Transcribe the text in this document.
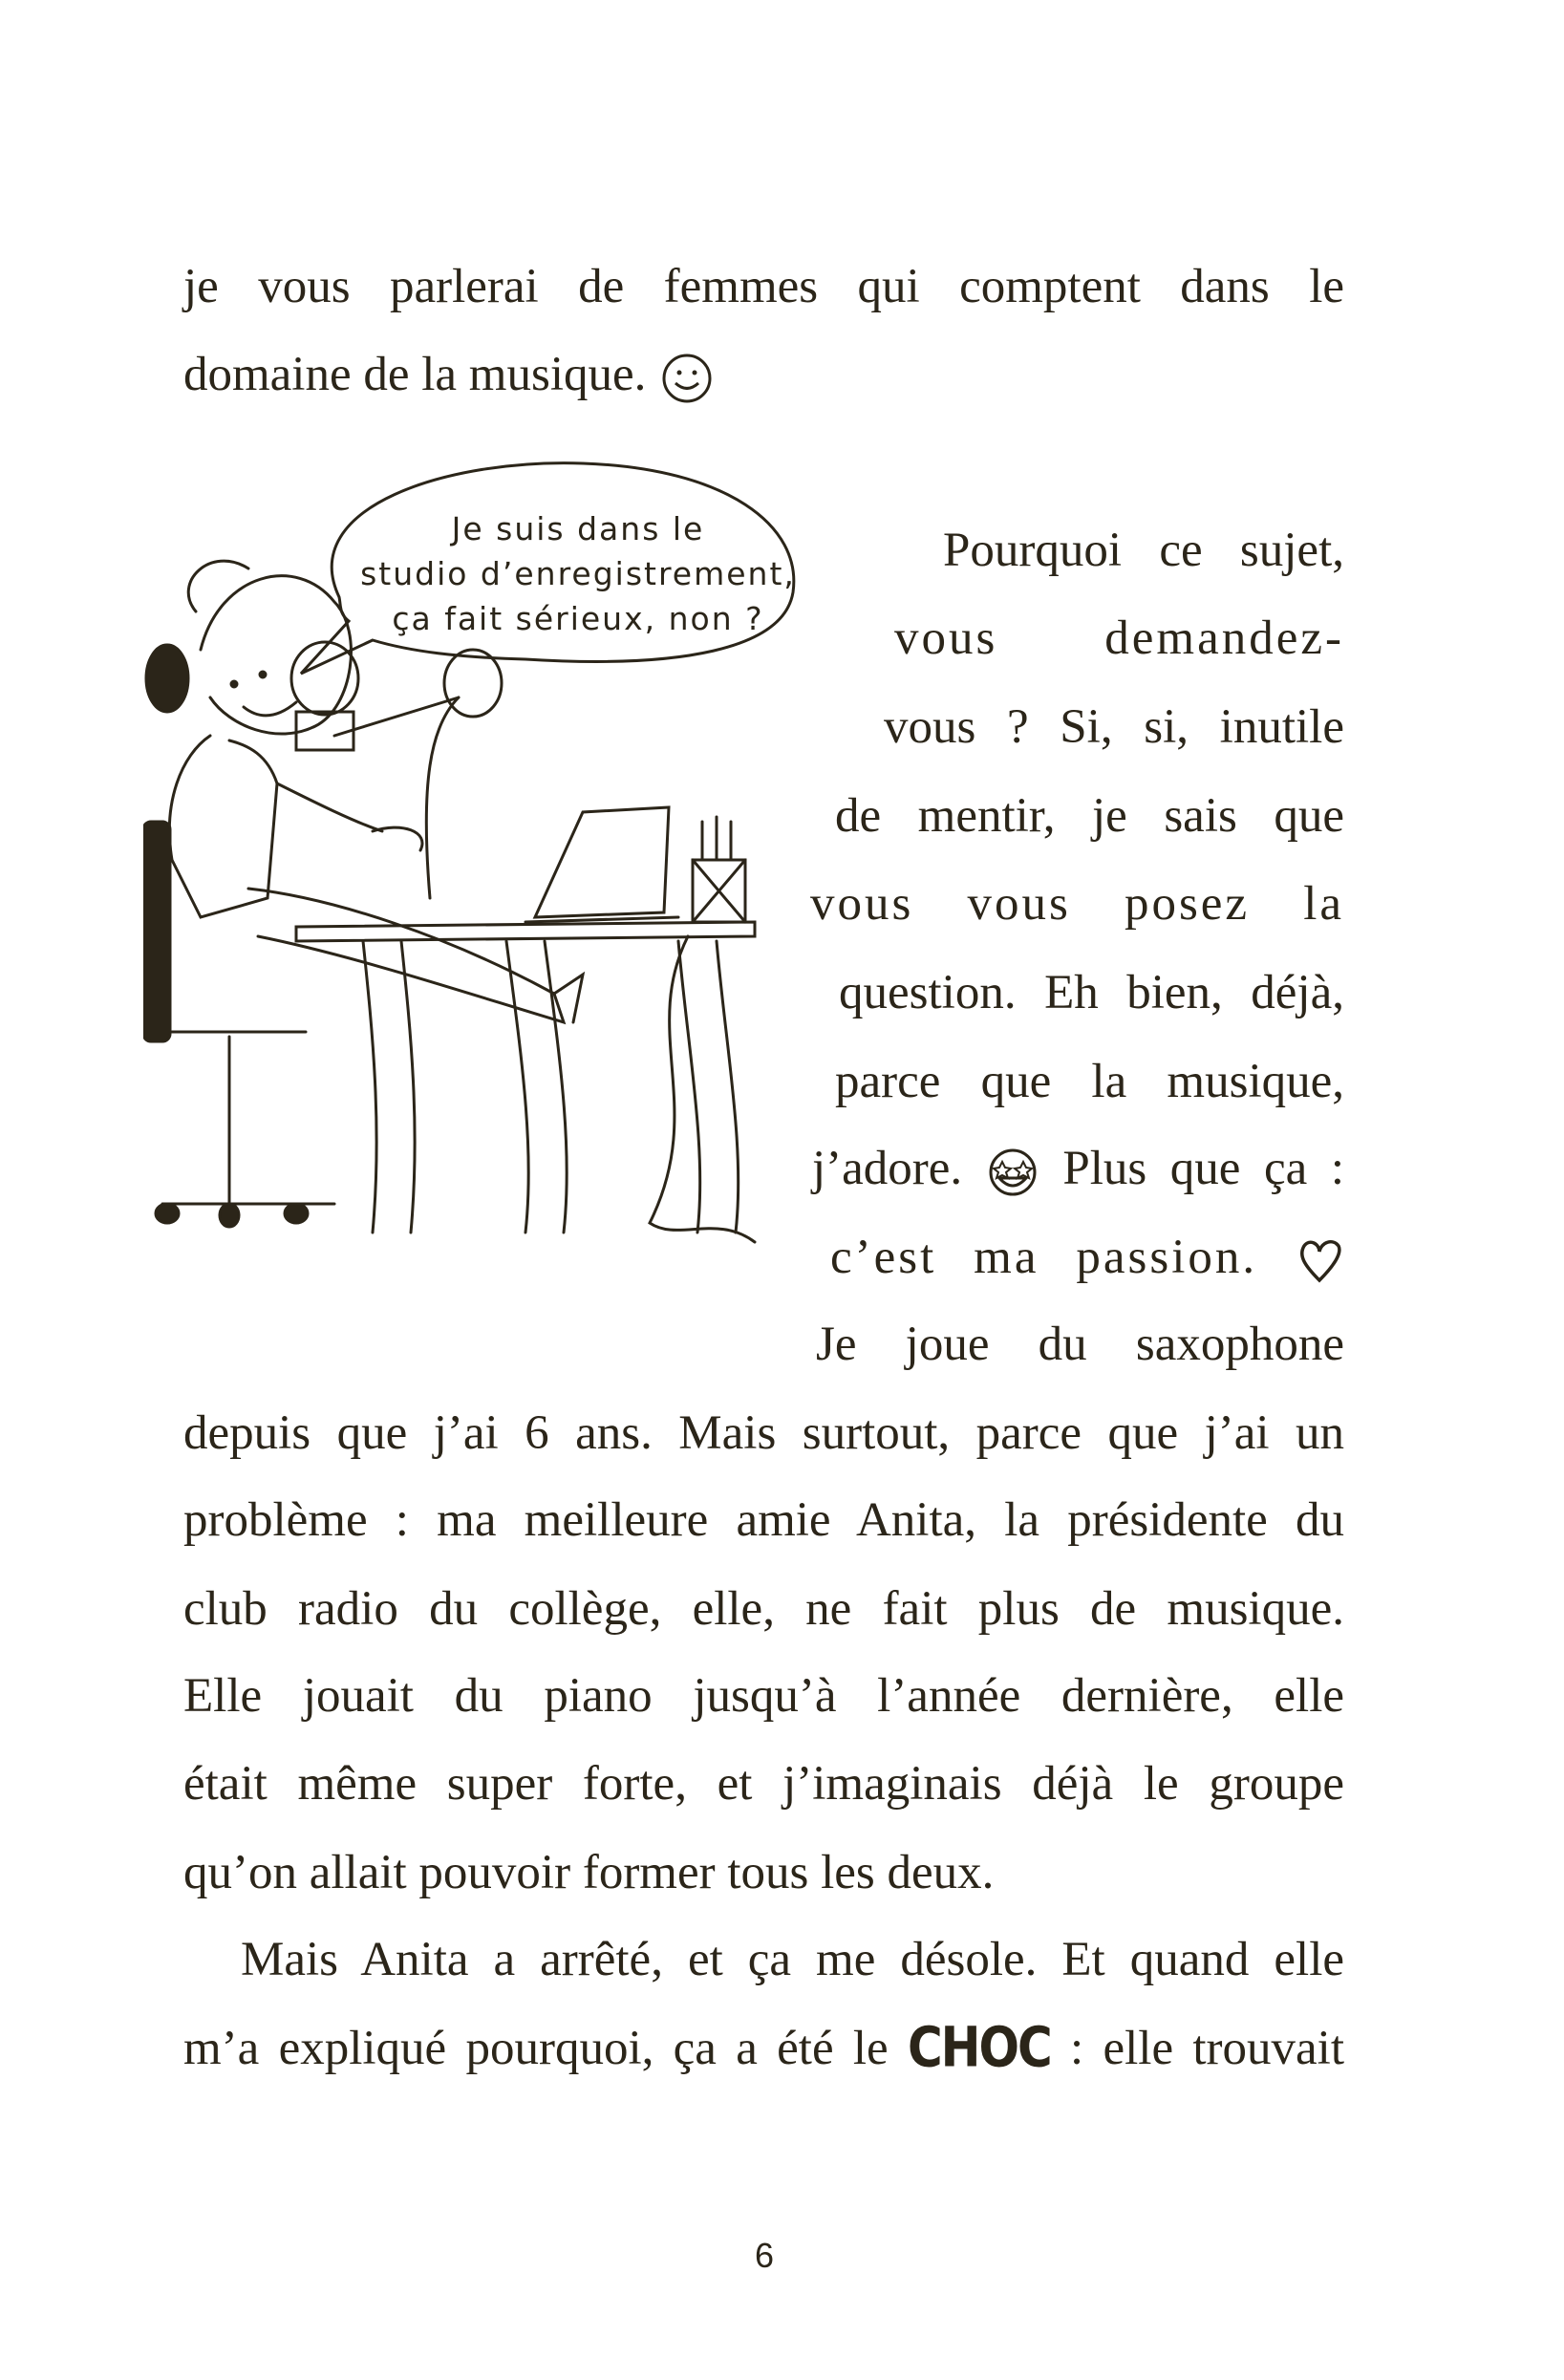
je vous parlerai de femmes qui comptent dans le
domaine de la musique.
Je suis dans le
studio d’enregistrement,
ça fait sérieux, non ?
Pourquoi ce sujet,
vous demandez-
vous ? Si, si, inutile
de mentir, je sais que
vous vous posez la
question. Eh bien, déjà,
parce que la musique,
j’adore. Plus que ça :
c’est ma passion.
Je joue du saxophone
depuis que j’ai 6 ans. Mais surtout, parce que j’ai un
problème : ma meilleure amie Anita, la présidente du
club radio du collège, elle, ne fait plus de musique.
Elle jouait du piano jusqu’à l’année dernière, elle
était même super forte, et j’imaginais déjà le groupe
qu’on allait pouvoir former tous les deux.
Mais Anita a arrêté, et ça me désole. Et quand elle
m’a expliqué pourquoi, ça a été le CHOC : elle trouvait
6
